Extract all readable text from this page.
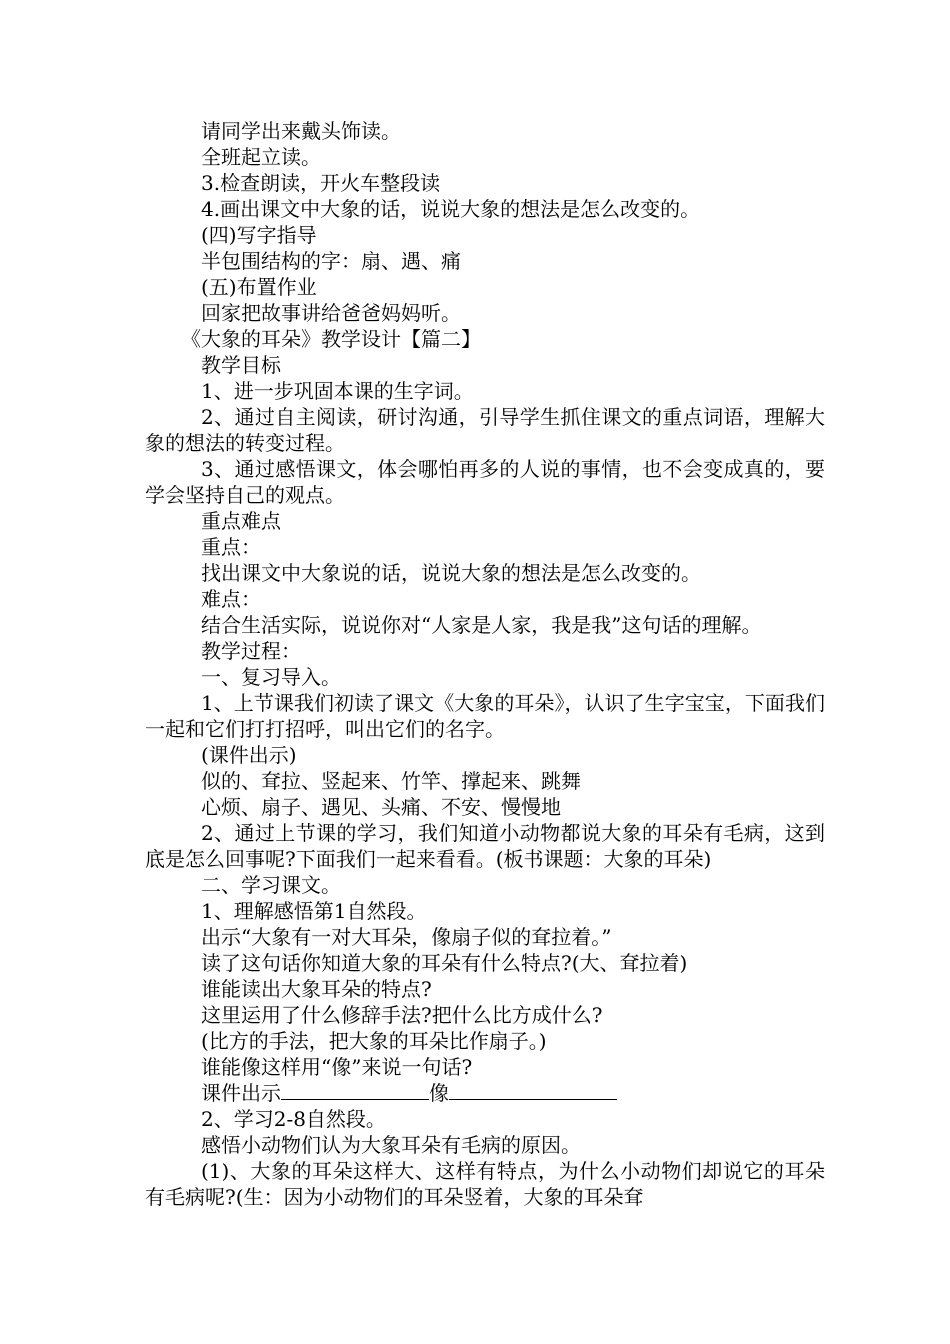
请同学出来戴头饰读。

全班起立读。

3.检查朗读，开火车整段读

4.画出课文中大象的话，说说大象的想法是怎么改变的。

(四)写字指导

半包围结构的字：扇、遇、痛

(五)布置作业

回家把故事讲给爸爸妈妈听。

《大象的耳朵》教学设计【篇二】

教学目标

1、进一步巩固本课的生字词。

2、通过自主阅读，研讨沟通，引导学生抓住课文的重点词语，理解大象的想法的转变过程。

3、通过感悟课文，体会哪怕再多的人说的事情，也不会变成真的，要学会坚持自己的观点。

重点难点

重点：

找出课文中大象说的话，说说大象的想法是怎么改变的。

难点：

结合生活实际，说说你对“人家是人家，我是我”这句话的理解。

教学过程：

一、复习导入。

1、上节课我们初读了课文《大象的耳朵》，认识了生字宝宝，下面我们一起和它们打打招呼，叫出它们的名字。

(课件出示)

似的、耷拉、竖起来、竹竿、撑起来、跳舞

心烦、扇子、遇见、头痛、不安、慢慢地

2、通过上节课的学习，我们知道小动物都说大象的耳朵有毛病，这到底是怎么回事呢?下面我们一起来看看。(板书课题：大象的耳朵)

二、学习课文。

1、理解感悟第1自然段。

出示“大象有一对大耳朵，像扇子似的耷拉着。”

读了这句话你知道大象的耳朵有什么特点?(大、耷拉着)

谁能读出大象耳朵的特点?

这里运用了什么修辞手法?把什么比方成什么?

(比方的手法，把大象的耳朵比作扇子。)

谁能像这样用“像”来说一句话?

课件出示	像

2、学习2-8自然段。

感悟小动物们认为大象耳朵有毛病的原因。

(1)、大象的耳朵这样大、这样有特点，为什么小动物们却说它的耳朵有毛病呢?(生：因为小动物们的耳朵竖着，大象的耳朵耷
